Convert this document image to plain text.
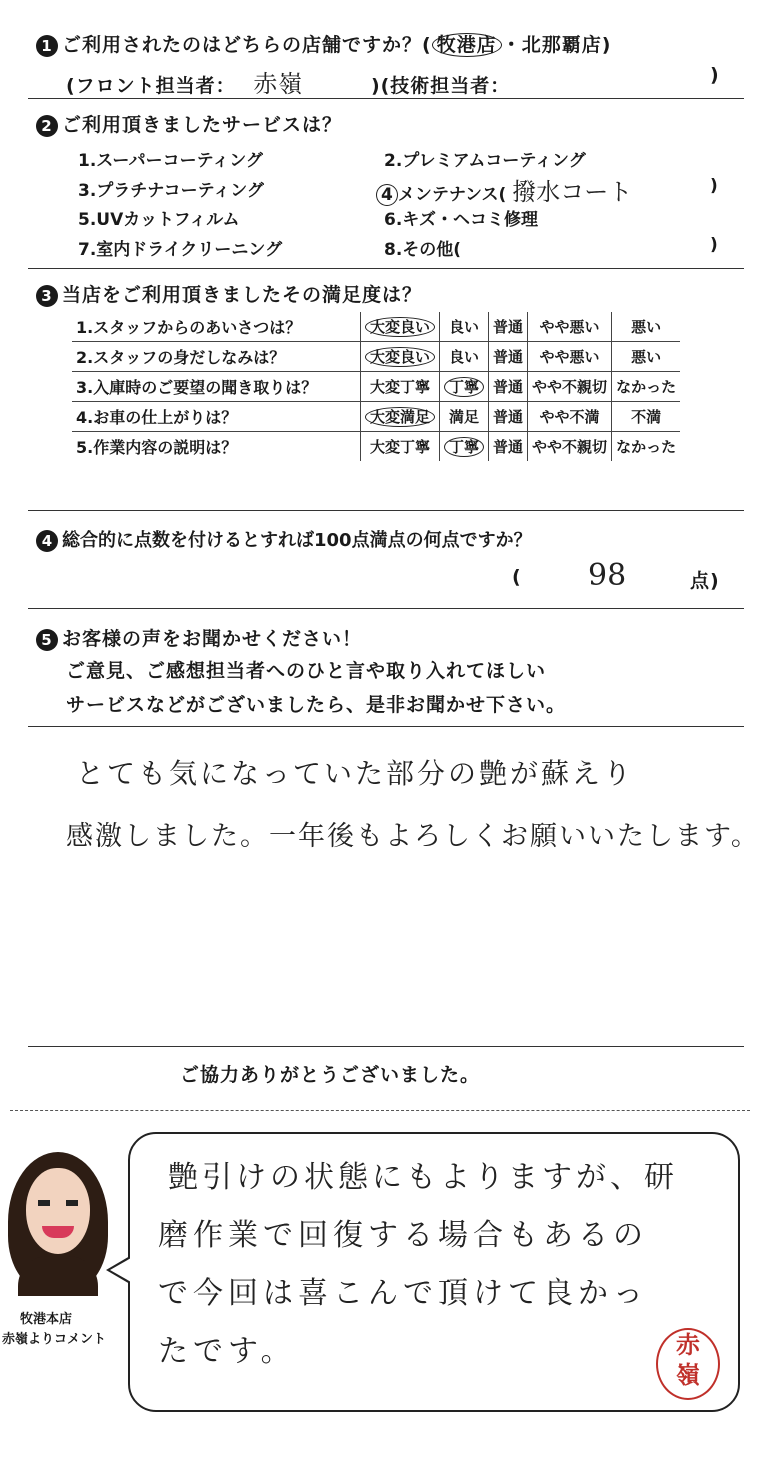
1 ご利用されたのはどちらの店舗ですか？( 牧港店 ・北那覇店)
(フロント担当者： 赤嶺	)(技術担当者：	)
2 ご利用頂きましたサービスは？
1.スーパーコーティング	2.プレミアムコーティング
3.プラチナコーティング	4 メンテナンス( 撥水コート	)
5.UVカットフィルム	6.キズ・ヘコミ修理
7.室内ドライクリーニング	8.その他(	)
3 当店をご利用頂きましたその満足度は？
1.スタッフからのあいさつは？	大変良い	良い	普通	やや悪い	悪い
2.スタッフの身だしなみは？	大変良い	良い	普通	やや悪い	悪い
3.入庫時のご要望の聞き取りは？	大変丁寧	丁寧	普通	やや不親切	なかった
4.お車の仕上がりは？	大変満足	満足	普通	やや不満	不満
5.作業内容の説明は？	大変丁寧	丁寧	普通	やや不親切	なかった
4 総合的に点数を付けるとすれば100点満点の何点ですか？
( 98	点)
5 お客様の声をお聞かせください！
ご意見、ご感想担当者へのひと言や取り入れてほしい
サービスなどがございましたら、是非お聞かせ下さい。
とても気になっていた部分の艶が蘇えり
感激しました。一年後もよろしくお願いいたします。
ご協力ありがとうございました。
牧港本店
赤嶺よりコメント
艶引けの状態にもよりますが、研
磨作業で回復する場合もあるの
で今回は喜こんで頂けて良かっ
たです。	赤
嶺
